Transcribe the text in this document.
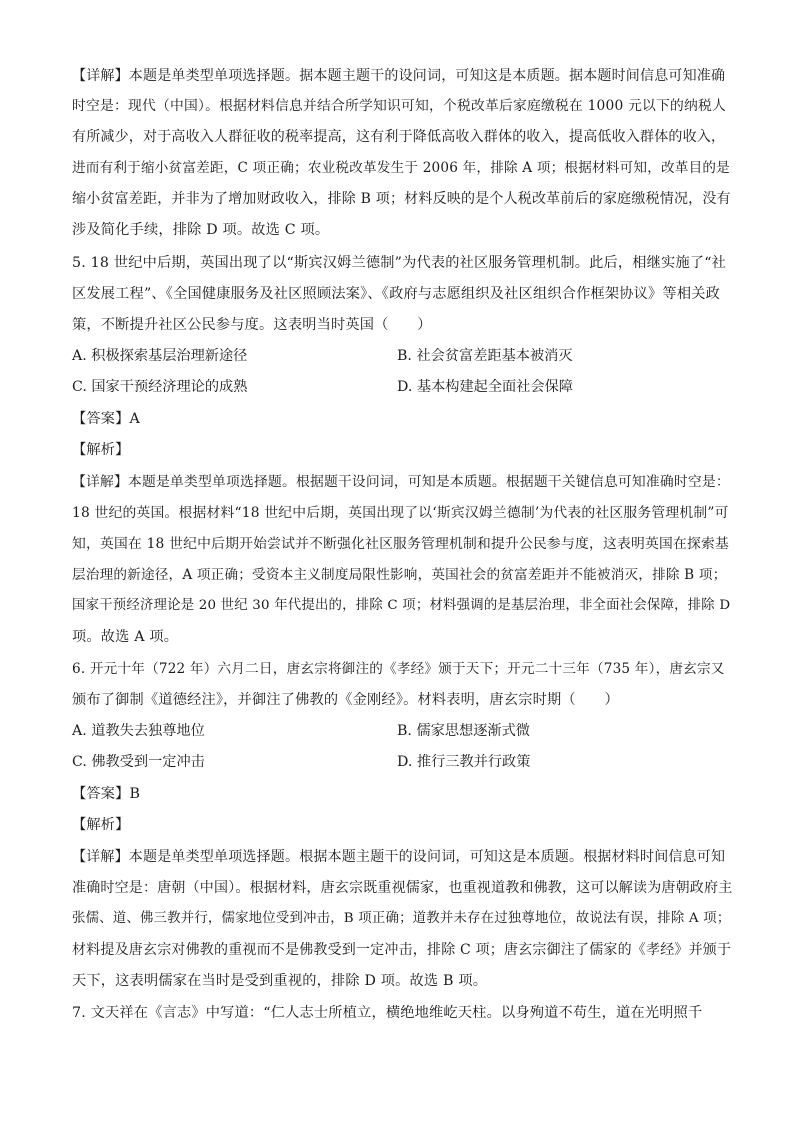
【详解】本题是单类型单项选择题。据本题主题干的设问词，可知这是本质题。据本题时间信息可知准确
时空是：现代（中国）。根据材料信息并结合所学知识可知，个税改革后家庭缴税在 1000 元以下的纳税人
有所减少，对于高收入人群征收的税率提高，这有利于降低高收入群体的收入，提高低收入群体的收入，
进而有利于缩小贫富差距，C 项正确；农业税改革发生于 2006 年，排除 A 项；根据材料可知，改革目的是
缩小贫富差距，并非为了增加财政收入，排除 B 项；材料反映的是个人税改革前后的家庭缴税情况，没有
涉及简化手续，排除 D 项。故选 C 项。
5. 18 世纪中后期，英国出现了以“斯宾汉姆兰德制”为代表的社区服务管理机制。此后，相继实施了“社
区发展工程”、《全国健康服务及社区照顾法案》、《政府与志愿组织及社区组织合作框架协议》等相关政
策，不断提升社区公民参与度。这表明当时英国（　　）
A. 积极探索基层治理新途径	B. 社会贫富差距基本被消灭
C. 国家干预经济理论的成熟	D. 基本构建起全面社会保障
【答案】A
【解析】
【详解】本题是单类型单项选择题。根据题干设问词，可知是本质题。根据题干关键信息可知准确时空是：
18 世纪的英国。根据材料“18 世纪中后期，英国出现了以‘斯宾汉姆兰德制’为代表的社区服务管理机制”可
知，英国在 18 世纪中后期开始尝试并不断强化社区服务管理机制和提升公民参与度，这表明英国在探索基
层治理的新途径，A 项正确；受资本主义制度局限性影响，英国社会的贫富差距并不能被消灭，排除 B 项；
国家干预经济理论是 20 世纪 30 年代提出的，排除 C 项；材料强调的是基层治理，非全面社会保障，排除 D
项。故选 A 项。
6. 开元十年（722 年）六月二日，唐玄宗将御注的《孝经》颁于天下；开元二十三年（735 年），唐玄宗又
颁布了御制《道德经注》，并御注了佛教的《金刚经》。材料表明，唐玄宗时期（　　）
A. 道教失去独尊地位	B. 儒家思想逐渐式微
C. 佛教受到一定冲击	D. 推行三教并行政策
【答案】B
【解析】
【详解】本题是单类型单项选择题。根据本题主题干的设问词，可知这是本质题。根据材料时间信息可知
准确时空是：唐朝（中国）。根据材料，唐玄宗既重视儒家，也重视道教和佛教，这可以解读为唐朝政府主
张儒、道、佛三教并行，儒家地位受到冲击，B 项正确；道教并未存在过独尊地位，故说法有误，排除 A 项；
材料提及唐玄宗对佛教的重视而不是佛教受到一定冲击，排除 C 项；唐玄宗御注了儒家的《孝经》并颁于
天下，这表明儒家在当时是受到重视的，排除 D 项。故选 B 项。
7. 文天祥在《言志》中写道：“仁人志士所植立，横绝地维屹天柱。以身殉道不苟生，道在光明照千
